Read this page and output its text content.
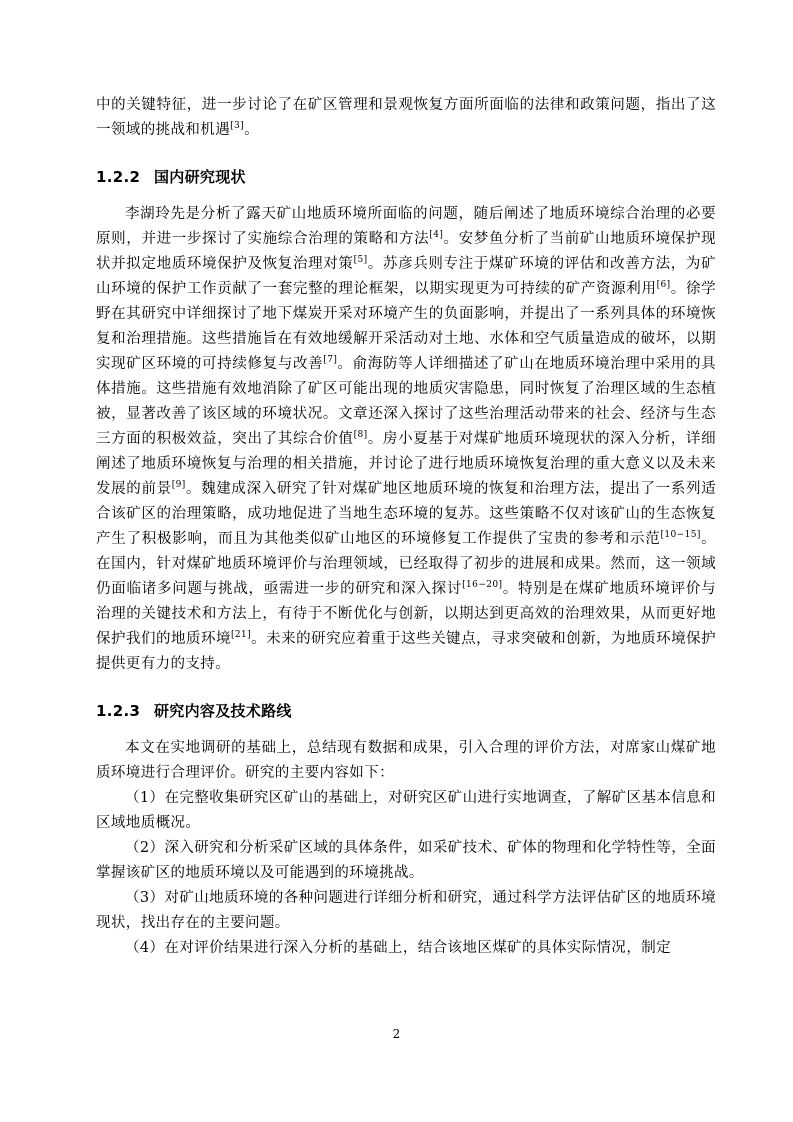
中的关键特征，进一步讨论了在矿区管理和景观恢复方面所面临的法律和政策问题，指出了这一领域的挑战和机遇[3]。

1.2.2 国内研究现状

李湖玲先是分析了露天矿山地质环境所面临的问题，随后阐述了地质环境综合治理的必要原则，并进一步探讨了实施综合治理的策略和方法[4]。安梦鱼分析了当前矿山地质环境保护现状并拟定地质环境保护及恢复治理对策[5]。苏彦兵则专注于煤矿环境的评估和改善方法，为矿山环境的保护工作贡献了一套完整的理论框架，以期实现更为可持续的矿产资源利用[6]。徐学野在其研究中详细探讨了地下煤炭开采对环境产生的负面影响，并提出了一系列具体的环境恢复和治理措施。这些措施旨在有效地缓解开采活动对土地、水体和空气质量造成的破坏，以期实现矿区环境的可持续修复与改善[7]。俞海防等人详细描述了矿山在地质环境治理中采用的具体措施。这些措施有效地消除了矿区可能出现的地质灾害隐患，同时恢复了治理区域的生态植被，显著改善了该区域的环境状况。文章还深入探讨了这些治理活动带来的社会、经济与生态三方面的积极效益，突出了其综合价值[8]。房小夏基于对煤矿地质环境现状的深入分析，详细阐述了地质环境恢复与治理的相关措施，并讨论了进行地质环境恢复治理的重大意义以及未来发展的前景[9]。魏建成深入研究了针对煤矿地区地质环境的恢复和治理方法，提出了一系列适合该矿区的治理策略，成功地促进了当地生态环境的复苏。这些策略不仅对该矿山的生态恢复产生了积极影响，而且为其他类似矿山地区的环境修复工作提供了宝贵的参考和示范[10−15]。在国内，针对煤矿地质环境评价与治理领域，已经取得了初步的进展和成果。然而，这一领域仍面临诸多问题与挑战，亟需进一步的研究和深入探讨[16−20]。特别是在煤矿地质环境评价与治理的关键技术和方法上，有待于不断优化与创新，以期达到更高效的治理效果，从而更好地保护我们的地质环境[21]。未来的研究应着重于这些关键点，寻求突破和创新，为地质环境保护提供更有力的支持。

1.2.3 研究内容及技术路线

本文在实地调研的基础上，总结现有数据和成果，引入合理的评价方法，对席家山煤矿地质环境进行合理评价。研究的主要内容如下：

（1）在完整收集研究区矿山的基础上，对研究区矿山进行实地调查，了解矿区基本信息和区域地质概况。

（2）深入研究和分析采矿区域的具体条件，如采矿技术、矿体的物理和化学特性等，全面掌握该矿区的地质环境以及可能遇到的环境挑战。

（3）对矿山地质环境的各种问题进行详细分析和研究，通过科学方法评估矿区的地质环境现状，找出存在的主要问题。

（4）在对评价结果进行深入分析的基础上，结合该地区煤矿的具体实际情况，制定

2
